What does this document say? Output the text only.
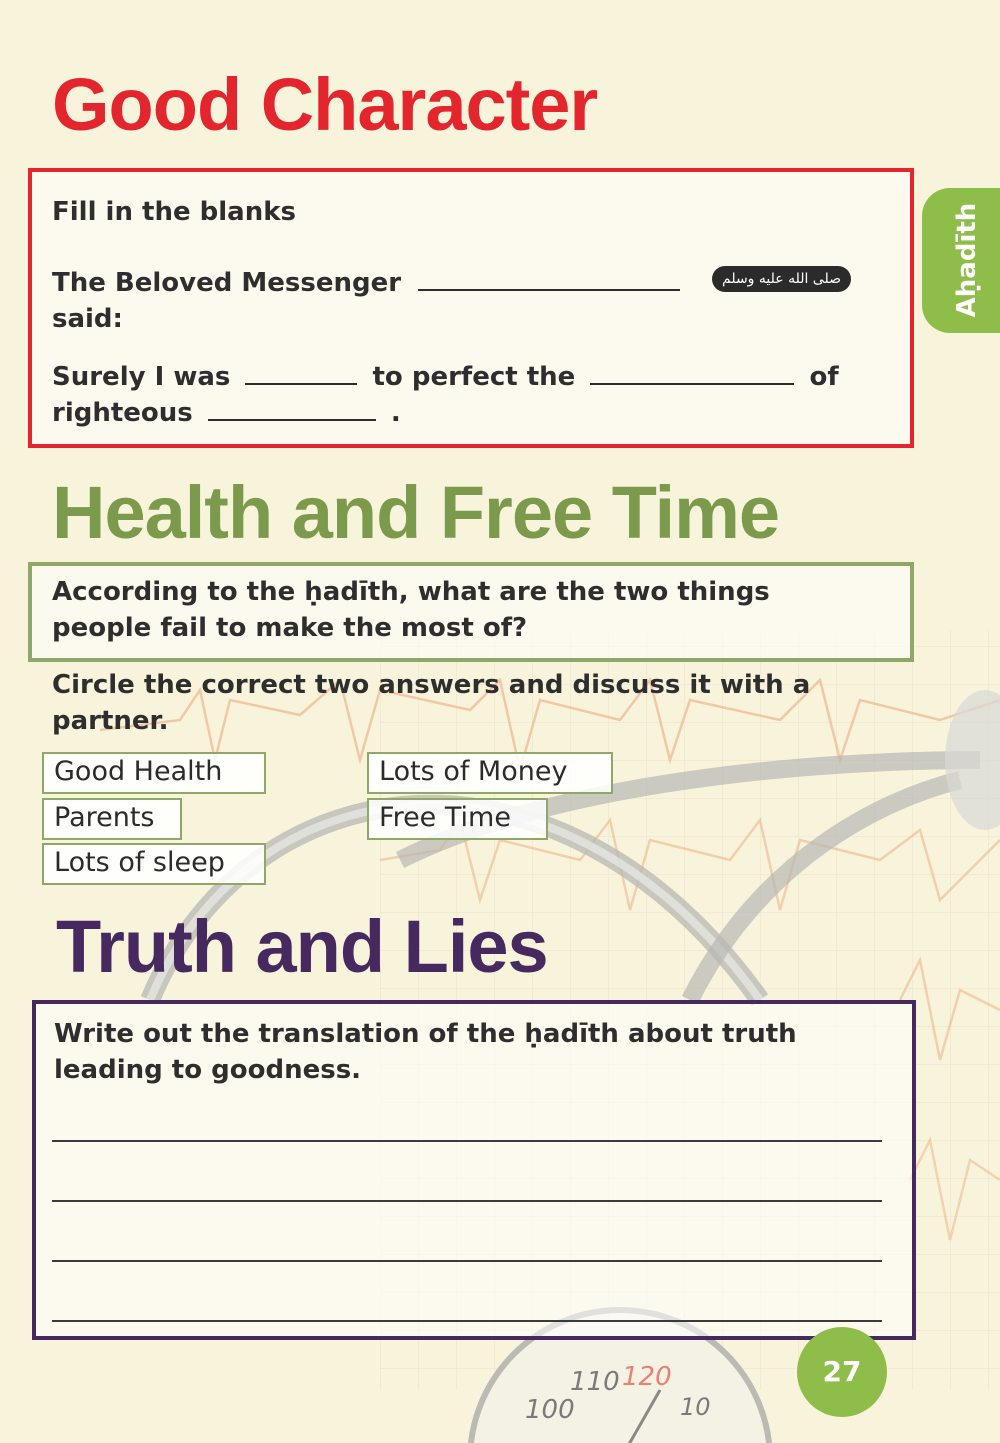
110 120
100	10
Aḥadīth
Good Character

Fill in the blanks

The Beloved Messenger	صلى الله عليه وسلم

said:

Surely I was	to perfect the	of
righteous	.
Health and Free Time

According to the ḥadīth, what are the two things

people fail to make the most of?

Circle the correct two answers and discuss it with a

partner.

Good Health	Lots of Money
Parents	Free Time
Lots of sleep
Truth and Lies

Write out the translation of the ḥadīth about truth

leading to goodness.

27
